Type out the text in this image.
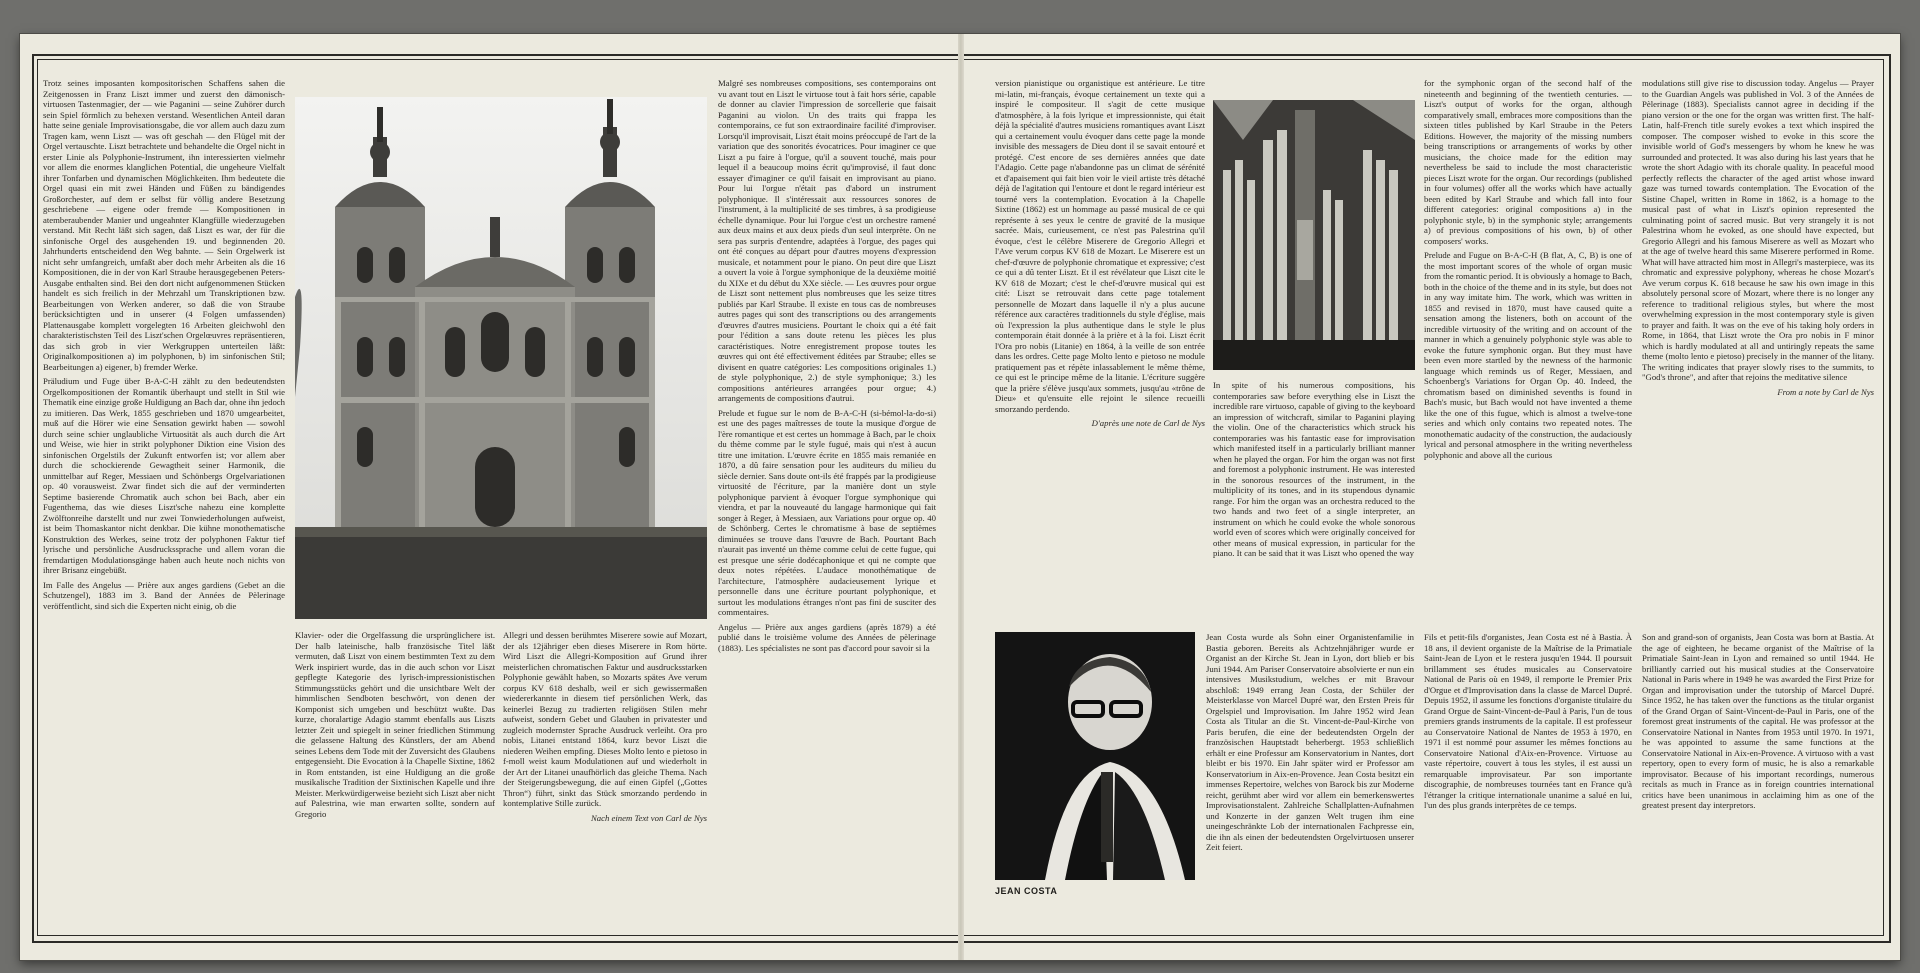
Trotz seines imposanten kompositorischen Schaffens sahen die Zeitgenossen in Franz Liszt immer und zuerst den dämonisch-virtuosen Tastenmagier, der — wie Paganini — seine Zuhörer durch sein Spiel förmlich zu behexen verstand. Wesentlichen Anteil daran hatte seine geniale Improvisationsgabe, die vor allem auch dazu zum Tragen kam, wenn Liszt — was oft geschah — den Flügel mit der Orgel vertauschte. Liszt betrachtete und behandelte die Orgel nicht in erster Linie als Polyphonie-Instrument, ihn interessierten vielmehr vor allem die enormes klanglichen Potential, die ungeheure Vielfalt ihrer Tonfarben und dynamischen Möglichkeiten. Ihm bedeutete die Orgel quasi ein mit zwei Händen und Füßen zu bändigendes Großorchester, auf dem er selbst für völlig andere Besetzung geschriebene — eigene oder fremde — Kompositionen in atemberaubender Manier und ungeahnter Klangfülle wiederzugeben verstand. Mit Recht läßt sich sagen, daß Liszt es war, der für die sinfonische Orgel des ausgehenden 19. und beginnenden 20. Jahrhunderts entscheidend den Weg bahnte. — Sein Orgelwerk ist nicht sehr umfangreich, umfaßt aber doch mehr Arbeiten als die 16 Kompositionen, die in der von Karl Straube herausgegebenen Peters-Ausgabe enthalten sind. Bei den dort nicht aufgenommenen Stücken handelt es sich freilich in der Mehrzahl um Transkriptionen bzw. Bearbeitungen von Werken anderer, so daß die von Straube berücksichtigten und in unserer (4 Folgen umfassenden) Plattenausgabe komplett vorgelegten 16 Arbeiten gleichwohl den charakteristischsten Teil des Liszt'schen Orgelœuvres repräsentieren, das sich grob in vier Werkgruppen unterteilen läßt: Originalkompositionen a) im polyphonen, b) im sinfonischen Stil; Bearbeitungen a) eigener, b) fremder Werke.

Präludium und Fuge über B-A-C-H zählt zu den bedeutendsten Orgelkompositionen der Romantik überhaupt und stellt in Stil wie Thematik eine einzige große Huldigung an Bach dar, ohne ihn jedoch zu imitieren. Das Werk, 1855 geschrieben und 1870 umgearbeitet, muß auf die Hörer wie eine Sensation gewirkt haben — sowohl durch seine schier unglaubliche Virtuosität als auch durch die Art und Weise, wie hier in strikt polyphoner Diktion eine Vision des sinfonischen Orgelstils der Zukunft entworfen ist; vor allem aber durch die schockierende Gewagtheit seiner Harmonik, die unmittelbar auf Reger, Messiaen und Schönbergs Orgelvariationen op. 40 vorausweist. Zwar findet sich die auf der verminderten Septime basierende Chromatik auch schon bei Bach, aber ein Fugenthema, das wie dieses Liszt'sche nahezu eine komplette Zwölftonreihe darstellt und nur zwei Tonwiederholungen aufweist, ist beim Thomaskantor nicht denkbar. Die kühne monothematische Konstruktion des Werkes, seine trotz der polyphonen Faktur tief lyrische und persönliche Ausdruckssprache und allem voran die fremdartigen Modulationsgänge haben auch heute noch nichts von ihrer Brisanz eingebüßt.

Im Falle des Angelus — Prière aux anges gardiens (Gebet an die Schutzengel), 1883 im 3. Band der Années de Pèlerinage veröffentlicht, sind sich die Experten nicht einig, ob die

Klavier- oder die Orgelfassung die ursprünglichere ist. Der halb lateinische, halb französische Titel läßt vermuten, daß Liszt von einem bestimmten Text zu dem Werk inspiriert wurde, das in die auch schon vor Liszt gepflegte Kategorie des lyrisch-impressionistischen Stimmungsstücks gehört und die unsichtbare Welt der himmlischen Sendboten beschwört, von denen der Komponist sich umgeben und beschützt wußte. Das kurze, choralartige Adagio stammt ebenfalls aus Liszts letzter Zeit und spiegelt in seiner friedlichen Stimmung die gelassene Haltung des Künstlers, der am Abend seines Lebens dem Tode mit der Zuversicht des Glaubens entgegensieht. Die Evocation à la Chapelle Sixtine, 1862 in Rom entstanden, ist eine Huldigung an die große musikalische Tradition der Sixtinischen Kapelle und ihre Meister. Merkwürdigerweise bezieht sich Liszt aber nicht auf Palestrina, wie man erwarten sollte, sondern auf Gregorio

Allegri und dessen berühmtes Miserere sowie auf Mozart, der als 12jähriger eben dieses Miserere in Rom hörte. Wird Liszt die Allegri-Komposition auf Grund ihrer meisterlichen chromatischen Faktur und ausdrucksstarken Polyphonie gewählt haben, so Mozarts spätes Ave verum corpus KV 618 deshalb, weil er sich gewissermaßen wiedererkannte in diesem tief persönlichen Werk, das keinerlei Bezug zu tradierten religiösen Stilen mehr aufweist, sondern Gebet und Glauben in privatester und zugleich modernster Sprache Ausdruck verleiht. Ora pro nobis, Litanei entstand 1864, kurz bevor Liszt die niederen Weihen empfing. Dieses Molto lento e pietoso in f-moll weist kaum Modulationen auf und wiederholt in der Art der Litanei unaufhörlich das gleiche Thema. Nach der Steigerungsbewegung, die auf einen Gipfel („Gottes Thron“) führt, sinkt das Stück smorzando perdendo in kontemplative Stille zurück.

Nach einem Text von Carl de Nys

Malgré ses nombreuses compositions, ses contemporains ont vu avant tout en Liszt le virtuose tout à fait hors série, capable de donner au clavier l'impression de sorcellerie que faisait Paganini au violon. Un des traits qui frappa les contemporains, ce fut son extraordinaire facilité d'improviser. Lorsqu'il improvisait, Liszt était moins préoccupé de l'art de la variation que des sonorités évocatrices. Pour imaginer ce que Liszt a pu faire à l'orgue, qu'il a souvent touché, mais pour lequel il a beaucoup moins écrit qu'improvisé, il faut donc essayer d'imaginer ce qu'il faisait en improvisant au piano. Pour lui l'orgue n'était pas d'abord un instrument polyphonique. Il s'intéressait aux ressources sonores de l'instrument, à la multiplicité de ses timbres, à sa prodigieuse échelle dynamique. Pour lui l'orgue c'est un orchestre ramené aux deux mains et aux deux pieds d'un seul interprète. On ne sera pas surpris d'entendre, adaptées à l'orgue, des pages qui ont été conçues au départ pour d'autres moyens d'expression musicale, et notamment pour le piano. On peut dire que Liszt a ouvert la voie à l'orgue symphonique de la deuxième moitié du XIXe et du début du XXe siècle. — Les œuvres pour orgue de Liszt sont nettement plus nombreuses que les seize titres publiés par Karl Straube. Il existe en tous cas de nombreuses autres pages qui sont des transcriptions ou des arrangements d'œuvres d'autres musiciens. Pourtant le choix qui a été fait pour l'édition a sans doute retenu les pièces les plus caractéristiques. Notre enregistrement propose toutes les œuvres qui ont été effectivement éditées par Straube; elles se divisent en quatre catégories: Les compositions originales 1.) de style polyphonique, 2.) de style symphonique; 3.) les compositions antérieures arrangées pour orgue; 4.) arrangements de compositions d'autrui.

Prelude et fugue sur le nom de B-A-C-H (si-bémol-la-do-si) est une des pages maîtresses de toute la musique d'orgue de l'ère romantique et est certes un hommage à Bach, par le choix du thème comme par le style fugué, mais qui n'est à aucun titre une imitation. L'œuvre écrite en 1855 mais remaniée en 1870, a dû faire sensation pour les auditeurs du milieu du siècle dernier. Sans doute ont-ils été frappés par la prodigieuse virtuosité de l'écriture, par la manière dont un style polyphonique parvient à évoquer l'orgue symphonique qui viendra, et par la nouveauté du langage harmonique qui fait songer à Reger, à Messiaen, aux Variations pour orgue op. 40 de Schönberg. Certes le chromatisme à base de septièmes diminuées se trouve dans l'œuvre de Bach. Pourtant Bach n'aurait pas inventé un thème comme celui de cette fugue, qui est presque une série dodécaphonique et qui ne compte que deux notes répétées. L'audace monothématique de l'architecture, l'atmosphère audacieusement lyrique et personnelle dans une écriture pourtant polyphonique, et surtout les modulations étranges n'ont pas fini de susciter des commentaires.

Angelus — Prière aux anges gardiens (après 1879) a été publié dans le troisième volume des Années de pèlerinage (1883). Les spécialistes ne sont pas d'accord pour savoir si la

version pianistique ou organistique est antérieure. Le titre mi-latin, mi-français, évoque certainement un texte qui a inspiré le compositeur. Il s'agit de cette musique d'atmosphère, à la fois lyrique et impressionniste, qui était déjà la spécialité d'autres musiciens romantiques avant Liszt qui a certainement voulu évoquer dans cette page la monde invisible des messagers de Dieu dont il se savait entouré et protégé. C'est encore de ses dernières années que date l'Adagio. Cette page n'abandonne pas un climat de sérénité et d'apaisement qui fait bien voir le vieil artiste très détaché déjà de l'agitation qui l'entoure et dont le regard intérieur est tourné vers la contemplation. Evocation à la Chapelle Sixtine (1862) est un hommage au passé musical de ce qui représente à ses yeux le centre de gravité de la musique sacrée. Mais, curieusement, ce n'est pas Palestrina qu'il évoque, c'est le célèbre Miserere de Gregorio Allegri et l'Ave verum corpus KV 618 de Mozart. Le Miserere est un chef-d'œuvre de polyphonie chromatique et expressive; c'est ce qui a dû tenter Liszt. Et il est révélateur que Liszt cite le KV 618 de Mozart; c'est le chef-d'œuvre musical qui est cité: Liszt se retrouvait dans cette page totalement personnelle de Mozart dans laquelle il n'y a plus aucune référence aux caractères traditionnels du style d'église, mais où l'expression la plus authentique dans le style le plus contemporain était donnée à la prière et à la foi. Liszt écrit l'Ora pro nobis (Litanie) en 1864, à la veille de son entrée dans les ordres. Cette page Molto lento e pietoso ne module pratiquement pas et répète inlassablement le même thème, ce qui est le principe même de la litanie. L'écriture suggère que la prière s'élève jusqu'aux sommets, jusqu'au «trône de Dieu» et qu'ensuite elle rejoint le silence recueilli smorzando perdendo.

D'après une note de Carl de Nys

In spite of his numerous compositions, his contemporaries saw before everything else in Liszt the incredible rare virtuoso, capable of giving to the keyboard an impression of witchcraft, similar to Paganini playing the violin. One of the characteristics which struck his contemporaries was his fantastic ease for improvisation which manifested itself in a particularly brilliant manner when he played the organ. For him the organ was not first and foremost a polyphonic instrument. He was interested in the sonorous resources of the instrument, in the multiplicity of its tones, and in its stupendous dynamic range. For him the organ was an orchestra reduced to the two hands and two feet of a single interpreter, an instrument on which he could evoke the whole sonorous world even of scores which were originally conceived for other means of musical expression, in particular for the piano. It can be said that it was Liszt who opened the way

for the symphonic organ of the second half of the nineteenth and beginning of the twentieth centuries. — Liszt's output of works for the organ, although comparatively small, embraces more compositions than the sixteen titles published by Karl Straube in the Peters Editions. However, the majority of the missing numbers being transcriptions or arrangements of works by other musicians, the choice made for the edition may nevertheless be said to include the most characteristic pieces Liszt wrote for the organ. Our recordings (published in four volumes) offer all the works which have actually been edited by Karl Straube and which fall into four different categories: original compositions a) in the polyphonic style, b) in the symphonic style; arrangements a) of previous compositions of his own, b) of other composers' works.

Prelude and Fugue on B-A-C-H (B flat, A, C, B) is one of the most important scores of the whole of organ music from the romantic period. It is obviously a homage to Bach, both in the choice of the theme and in its style, but does not in any way imitate him. The work, which was written in 1855 and revised in 1870, must have caused quite a sensation among the listeners, both on account of the incredible virtuosity of the writing and on account of the manner in which a genuinely polyphonic style was able to evoke the future symphonic organ. But they must have been even more startled by the newness of the harmonic language which reminds us of Reger, Messiaen, and Schoenberg's Variations for Organ Op. 40. Indeed, the chromatism based on diminished sevenths is found in Bach's music, but Bach would not have invented a theme like the one of this fugue, which is almost a twelve-tone series and which only contains two repeated notes. The monothematic audacity of the construction, the audaciously lyrical and personal atmosphere in the writing nevertheless polyphonic and above all the curious

modulations still give rise to discussion today. Angelus — Prayer to the Guardian Angels was published in Vol. 3 of the Années de Pèlerinage (1883). Specialists cannot agree in deciding if the piano version or the one for the organ was written first. The half-Latin, half-French title surely evokes a text which inspired the composer. The composer wished to evoke in this score the invisible world of God's messengers by whom he knew he was surrounded and protected. It was also during his last years that he wrote the short Adagio with its chorale quality. In peaceful mood perfectly reflects the character of the aged artist whose inward gaze was turned towards contemplation. The Evocation of the Sistine Chapel, written in Rome in 1862, is a homage to the musical past of what in Liszt's opinion represented the culminating point of sacred music. But very strangely it is not Palestrina whom he evoked, as one should have expected, but Gregorio Allegri and his famous Miserere as well as Mozart who at the age of twelve heard this same Miserere performed in Rome. What will have attracted him most in Allegri's masterpiece, was its chromatic and expressive polyphony, whereas he chose Mozart's Ave verum corpus K. 618 because he saw his own image in this absolutely personal score of Mozart, where there is no longer any reference to traditional religious styles, but where the most overwhelming expression in the most contemporary style is given to prayer and faith. It was on the eve of his taking holy orders in Rome, in 1864, that Liszt wrote the Ora pro nobis in F minor which is hardly modulated at all and untiringly repeats the same theme (molto lento e pietoso) precisely in the manner of the litany. The writing indicates that prayer slowly rises to the summits, to "God's throne", and after that rejoins the meditative silence

From a note by Carl de Nys

JEAN COSTA

Jean Costa wurde als Sohn einer Organistenfamilie in Bastia geboren. Bereits als Achtzehnjähriger wurde er Organist an der Kirche St. Jean in Lyon, dort blieb er bis Juni 1944. Am Pariser Conservatoire absolvierte er nun ein intensives Musikstudium, welches er mit Bravour abschloß: 1949 errang Jean Costa, der Schüler der Meisterklasse von Marcel Dupré war, den Ersten Preis für Orgelspiel und Improvisation. Im Jahre 1952 wird Jean Costa als Titular an die St. Vincent-de-Paul-Kirche von Paris berufen, die eine der bedeutendsten Orgeln der französischen Hauptstadt beherbergt. 1953 schließlich erhält er eine Professur am Konservatorium in Nantes, dort bleibt er bis 1970. Ein Jahr später wird er Professor am Konservatorium in Aix-en-Provence. Jean Costa besitzt ein immenses Repertoire, welches von Barock bis zur Moderne reicht, gerühmt aber wird vor allem ein bemerkenswertes Improvisationstalent. Zahlreiche Schallplatten-Aufnahmen und Konzerte in der ganzen Welt trugen ihm eine uneingeschränkte Lob der internationalen Fachpresse ein, die ihn als einen der bedeutendsten Orgelvirtuosen unserer Zeit feiert.

Fils et petit-fils d'organistes, Jean Costa est né à Bastia. À 18 ans, il devient organiste de la Maîtrise de la Primatiale Saint-Jean de Lyon et le restera jusqu'en 1944. Il poursuit brillamment ses études musicales au Conservatoire National de Paris où en 1949, il remporte le Premier Prix d'Orgue et d'Improvisation dans la classe de Marcel Dupré. Depuis 1952, il assume les fonctions d'organiste titulaire du Grand Orgue de Saint-Vincent-de-Paul à Paris, l'un de tous premiers grands instruments de la capitale. Il est professeur au Conservatoire National de Nantes de 1953 à 1970, en 1971 il est nommé pour assumer les mêmes fonctions au Conservatoire National d'Aix-en-Provence. Virtuose au vaste répertoire, couvert à tous les styles, il est aussi un remarquable improvisateur. Par son importante discographie, de nombreuses tournées tant en France qu'à l'étranger la critique internationale unanime a salué en lui, l'un des plus grands interprètes de ce temps.

Son and grand-son of organists, Jean Costa was born at Bastia. At the age of eighteen, he became organist of the Maîtrise of la Primatiale Saint-Jean in Lyon and remained so until 1944. He brilliantly carried out his musical studies at the Conservatoire National in Paris where in 1949 he was awarded the First Prize for Organ and improvisation under the tutorship of Marcel Dupré. Since 1952, he has taken over the functions as the titular organist of the Grand Organ of Saint-Vincent-de-Paul in Paris, one of the foremost great instruments of the capital. He was professor at the Conservatoire National in Nantes from 1953 until 1970. In 1971, he was appointed to assume the same functions at the Conservatoire National in Aix-en-Provence. A virtuoso with a vast repertory, open to every form of music, he is also a remarkable improvisator. Because of his important recordings, numerous recitals as much in France as in foreign countries international critics have been unanimous in acclaiming him as one of the greatest present day interpretors.
